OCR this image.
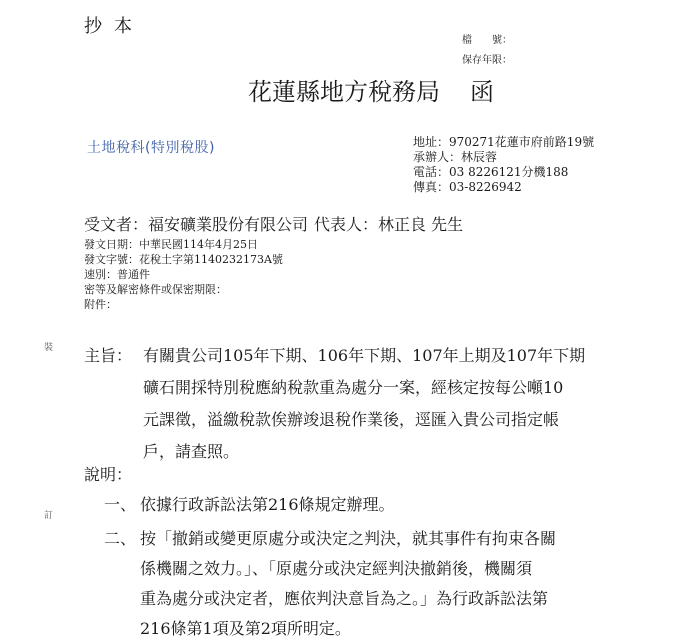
抄本
檔　　號：
保存年限：
花蓮縣地方稅務局 函
土地稅科(特別稅股)	地址：970271花蓮市府前路19號
承辦人：林辰蓉
電話：03 8226121分機188
傳真：03-8226942
受文者：福安礦業股份有限公司 代表人：林正良 先生
發文日期：中華民國114年4月25日
發文字號：花稅土字第1140232173A號
速別：普通件
密等及解密條件或保密期限：
附件：
裝
訂
主旨： 有關貴公司105年下期、106年下期、107年上期及107年下期
礦石開採特別稅應納稅款重為處分一案，經核定按每公噸10
元課徵，溢繳稅款俟辦竣退稅作業後，逕匯入貴公司指定帳
戶，請查照。
說明：
一、 依據行政訴訟法第216條規定辦理。
二、 按「撤銷或變更原處分或決定之判決，就其事件有拘束各關
係機關之效力。」、「原處分或決定經判決撤銷後，機關須
重為處分或決定者，應依判決意旨為之。」為行政訴訟法第
216條第1項及第2項所明定。
